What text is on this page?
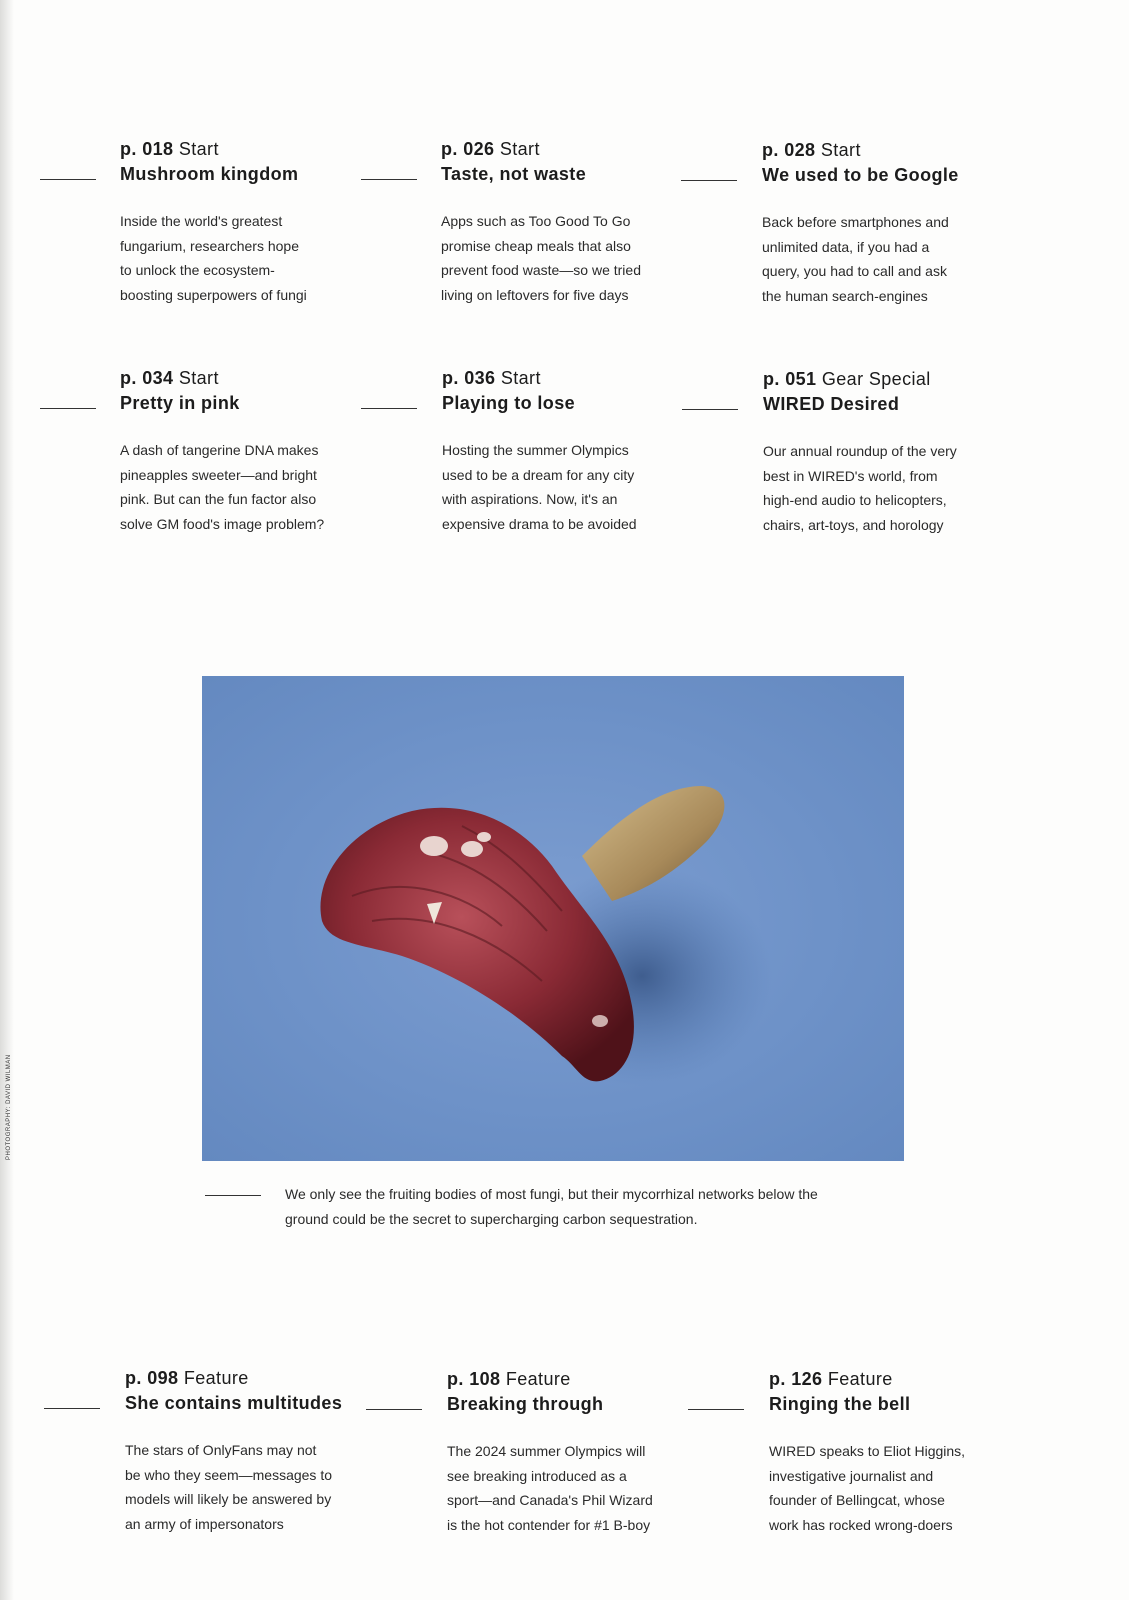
p. 018 Start
Mushroom kingdom
Inside the world's greatest
fungarium, researchers hope
to unlock the ecosystem-
boosting superpowers of fungi
p. 026 Start
Taste, not waste
Apps such as Too Good To Go
promise cheap meals that also
prevent food waste—so we tried
living on leftovers for five days
p. 028 Start
We used to be Google
Back before smartphones and
unlimited data, if you had a
query, you had to call and ask
the human search-engines
p. 034 Start
Pretty in pink
A dash of tangerine DNA makes
pineapples sweeter—and bright
pink. But can the fun factor also
solve GM food's image problem?
p. 036 Start
Playing to lose
Hosting the summer Olympics
used to be a dream for any city
with aspirations. Now, it's an
expensive drama to be avoided
p. 051 Gear Special
WIRED Desired
Our annual roundup of the very
best in WIRED's world, from
high-end audio to helicopters,
chairs, art-toys, and horology
We only see the fruiting bodies of most fungi, but their mycorrhizal networks below the ground could be the secret to supercharging carbon sequestration.
PHOTOGRAPHY: DAVID WILMAN
p. 098 Feature
She contains multitudes
The stars of OnlyFans may not
be who they seem—messages to
models will likely be answered by
an army of impersonators
p. 108 Feature
Breaking through
The 2024 summer Olympics will
see breaking introduced as a
sport—and Canada's Phil Wizard
is the hot contender for #1 B-boy
p. 126 Feature
Ringing the bell
WIRED speaks to Eliot Higgins,
investigative journalist and
founder of Bellingcat, whose
work has rocked wrong-doers
